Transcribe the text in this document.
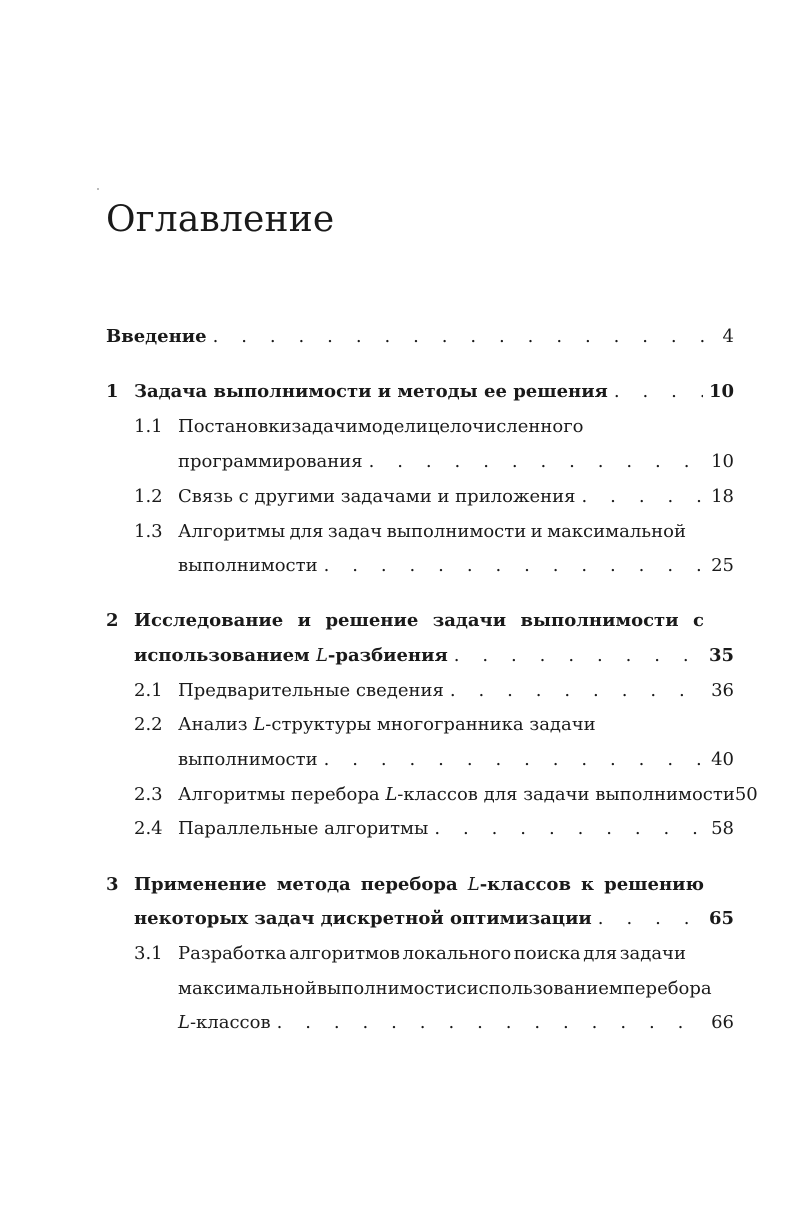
Оглавление
Введение . . .	4
1 Задача выполнимости и методы ее решения . . .	10
1.1 Постановки задач и модели целочисленного
программирования . . .	10
1.2 Связь с другими задачами и приложения . . .	18
1.3 Алгоритмы для задач выполнимости и максимальной
выполнимости . . .	25
2 Исследование и решение задачи выполнимости с
использованием L-разбиения . . .	35
2.1 Предварительные сведения . . .	36
2.2 Анализ L-структуры многогранника задачи
выполнимости . . .	40
2.3 Алгоритмы перебора L-классов для задачи выполнимости 50
2.4 Параллельные алгоритмы . . .	58
3 Применение метода перебора L-классов к решению
некоторых задач дискретной оптимизации . . .	65
3.1 Разработка алгоритмов локального поиска для задачи
максимальной выполнимости с использованием перебора
L-классов . . .	66
